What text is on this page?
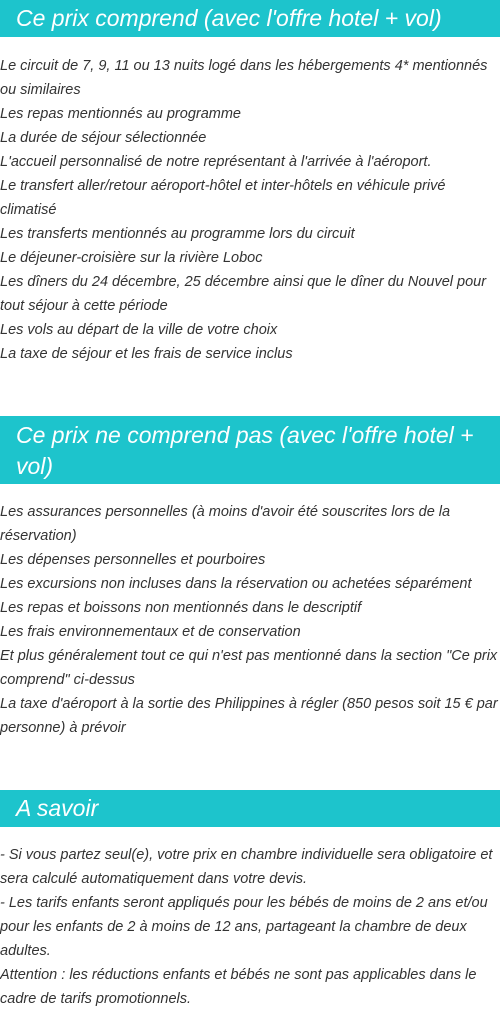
Ce prix comprend (avec l'offre hotel + vol)
Le circuit de 7, 9, 11 ou 13 nuits logé dans les hébergements 4* mentionnés ou similaires
Les repas mentionnés au programme
La durée de séjour sélectionnée
L'accueil personnalisé de notre représentant à l'arrivée à l'aéroport.
Le transfert aller/retour aéroport-hôtel et inter-hôtels en véhicule privé climatisé
Les transferts mentionnés au programme lors du circuit
Le déjeuner-croisière sur la rivière Loboc
Les dîners du 24 décembre, 25 décembre ainsi que le dîner du Nouvel pour tout séjour à cette période
Les vols au départ de la ville de votre choix
La taxe de séjour et les frais de service inclus
Ce prix ne comprend pas (avec l'offre hotel + vol)
Les assurances personnelles (à moins d'avoir été souscrites lors de la réservation)
Les dépenses personnelles et pourboires
Les excursions non incluses dans la réservation ou achetées séparément
Les repas et boissons non mentionnés dans le descriptif
Les frais environnementaux et de conservation
Et plus généralement tout ce qui n'est pas mentionné dans la section "Ce prix comprend" ci-dessus
La taxe d'aéroport à la sortie des Philippines à régler (850 pesos soit 15 € par personne) à prévoir
A savoir
- Si vous partez seul(e), votre prix en chambre individuelle sera obligatoire et sera calculé automatiquement dans votre devis.
- Les tarifs enfants seront appliqués pour les bébés de moins de 2 ans et/ou pour les enfants de 2 à moins de 12 ans, partageant la chambre de deux adultes.
Attention : les réductions enfants et bébés ne sont pas applicables dans le cadre de tarifs promotionnels.
